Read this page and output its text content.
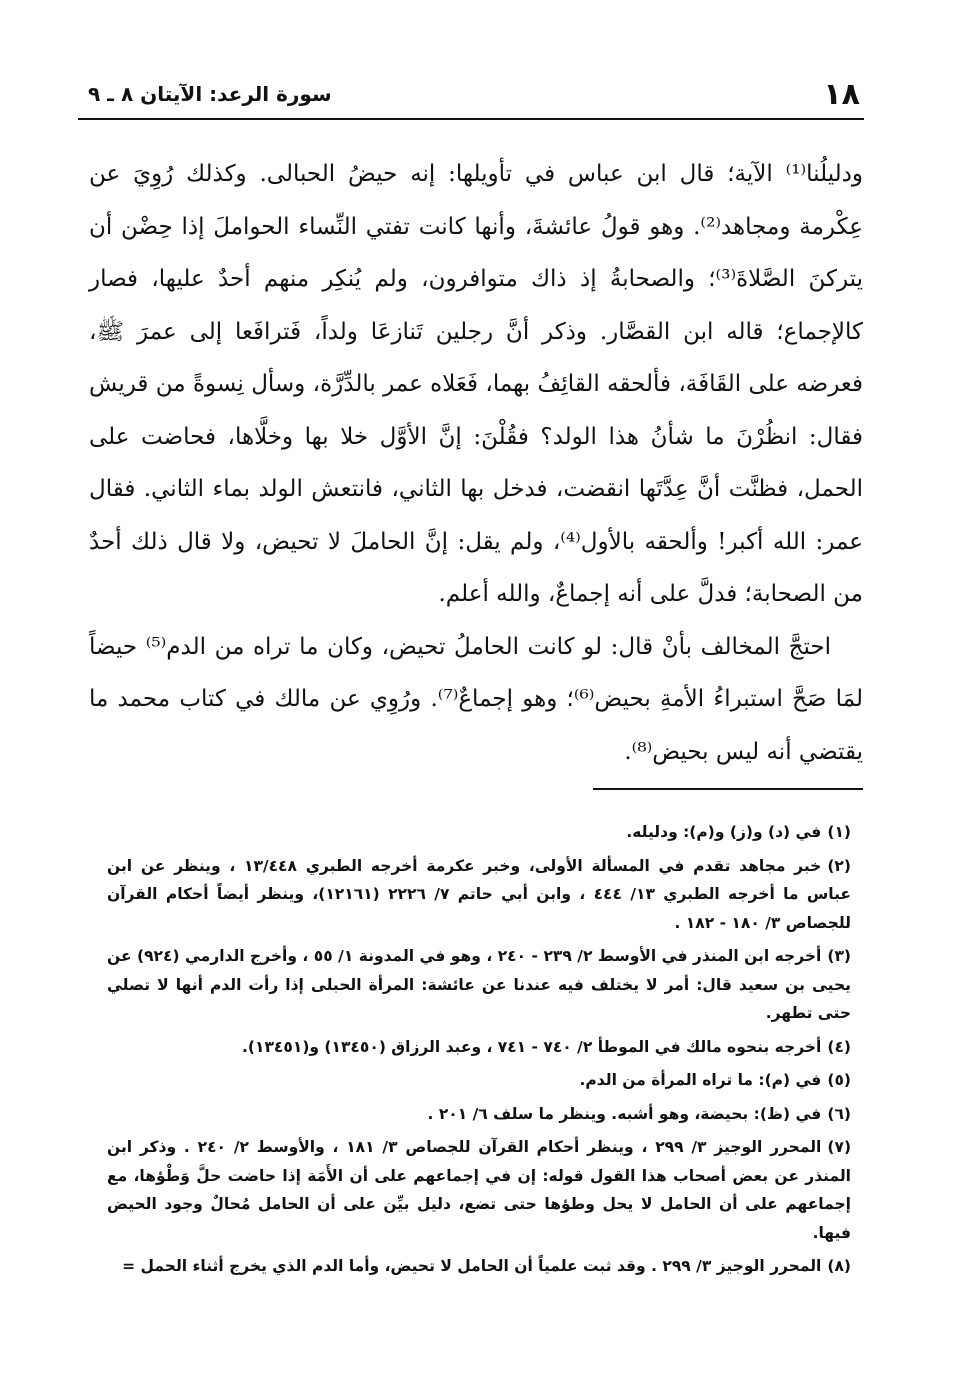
١٨
سورة الرعد: الآيتان ٨ ـ ٩

ودليلُنا⁽¹⁾ الآية؛ قال ابن عباس في تأويلها: إنه حيضُ الحبالى. وكذلك رُوِيَ عن عِكْرمة ومجاهد⁽²⁾. وهو قولُ عائشةَ، وأنها كانت تفتي النِّساء الحواملَ إذا حِضْن أن يتركنَ الصَّلاةَ⁽³⁾؛ والصحابةُ إذ ذاك متوافرون، ولم يُنكِر منهم أحدٌ عليها، فصار كالإجماع؛ قاله ابن القصَّار. وذكر أنَّ رجلين تَنازعَا ولداً، فَترافَعا إلى عمرَ ﷺ، فعرضه على القَافَة، فألحقه القائِفُ بهما، فَعَلاه عمر بالدِّرَّة، وسأل نِسوةً من قريش فقال: انظُرْنَ ما شأنُ هذا الولد؟ فقُلْنَ: إنَّ الأوَّل خلا بها وخلَّاها، فحاضت على الحمل، فظنَّت أنَّ عِدَّتَها انقضت، فدخل بها الثاني، فانتعش الولد بماء الثاني. فقال عمر: الله أكبر! وألحقه بالأول⁽⁴⁾، ولم يقل: إنَّ الحاملَ لا تحيض، ولا قال ذلك أحدٌ من الصحابة؛ فدلَّ على أنه إجماعٌ، والله أعلم.

احتجَّ المخالف بأنْ قال: لو كانت الحاملُ تحيض، وكان ما تراه من الدم⁽⁵⁾ حيضاً لمَا صَحَّ استبراءُ الأمةِ بحيض⁽⁶⁾؛ وهو إجماعٌ⁽⁷⁾. ورُوِي عن مالك في كتاب محمد ما يقتضي أنه ليس بحيض⁽⁸⁾.

(١)في (د) و(ز) و(م): ودليله.
(٢)خبر مجاهد تقدم في المسألة الأولى، وخبر عكرمة أخرجه الطبري ١٣/٤٤٨ ، وينظر عن ابن عباس ما أخرجه الطبري ١٣/ ٤٤٤ ، وابن أبي حاتم ٧/ ٢٢٢٦ (١٢١٦١)، وينظر أيضاً أحكام القرآن للجصاص ٣/ ١٨٠ - ١٨٢ .
(٣)أخرجه ابن المنذر في الأوسط ٢/ ٢٣٩ - ٢٤٠ ، وهو في المدونة ١/ ٥٥ ، وأخرج الدارمي (٩٢٤) عن يحيى بن سعيد قال: أمر لا يختلف فيه عندنا عن عائشة: المرأة الحبلى إذا رأت الدم أنها لا تصلي حتى تطهر.
(٤)أخرجه بنحوه مالك في الموطأ ٢/ ٧٤٠ - ٧٤١ ، وعبد الرزاق (١٣٤٥٠) و(١٣٤٥١).
(٥)في (م): ما تراه المرأة من الدم.
(٦)في (ظ): بحيضة، وهو أشبه. وينظر ما سلف ٦/ ٢٠١ .
(٧)المحرر الوجيز ٣/ ٢٩٩ ، وينظر أحكام القرآن للجصاص ٣/ ١٨١ ، والأوسط ٢/ ٢٤٠ . وذكر ابن المنذر عن بعض أصحاب هذا القول قوله: إن في إجماعهم على أن الأَمَة إذا حاضت حلَّ وَطْؤها، مع إجماعهم على أن الحامل لا يحل وطؤها حتى تضع، دليل بيِّن على أن الحامل مُحالٌ وجود الحيض فيها.
(٨)المحرر الوجيز ٣/ ٢٩٩ . وقد ثبت علمياً أن الحامل لا تحيض، وأما الدم الذي يخرج أثناء الحمل =
